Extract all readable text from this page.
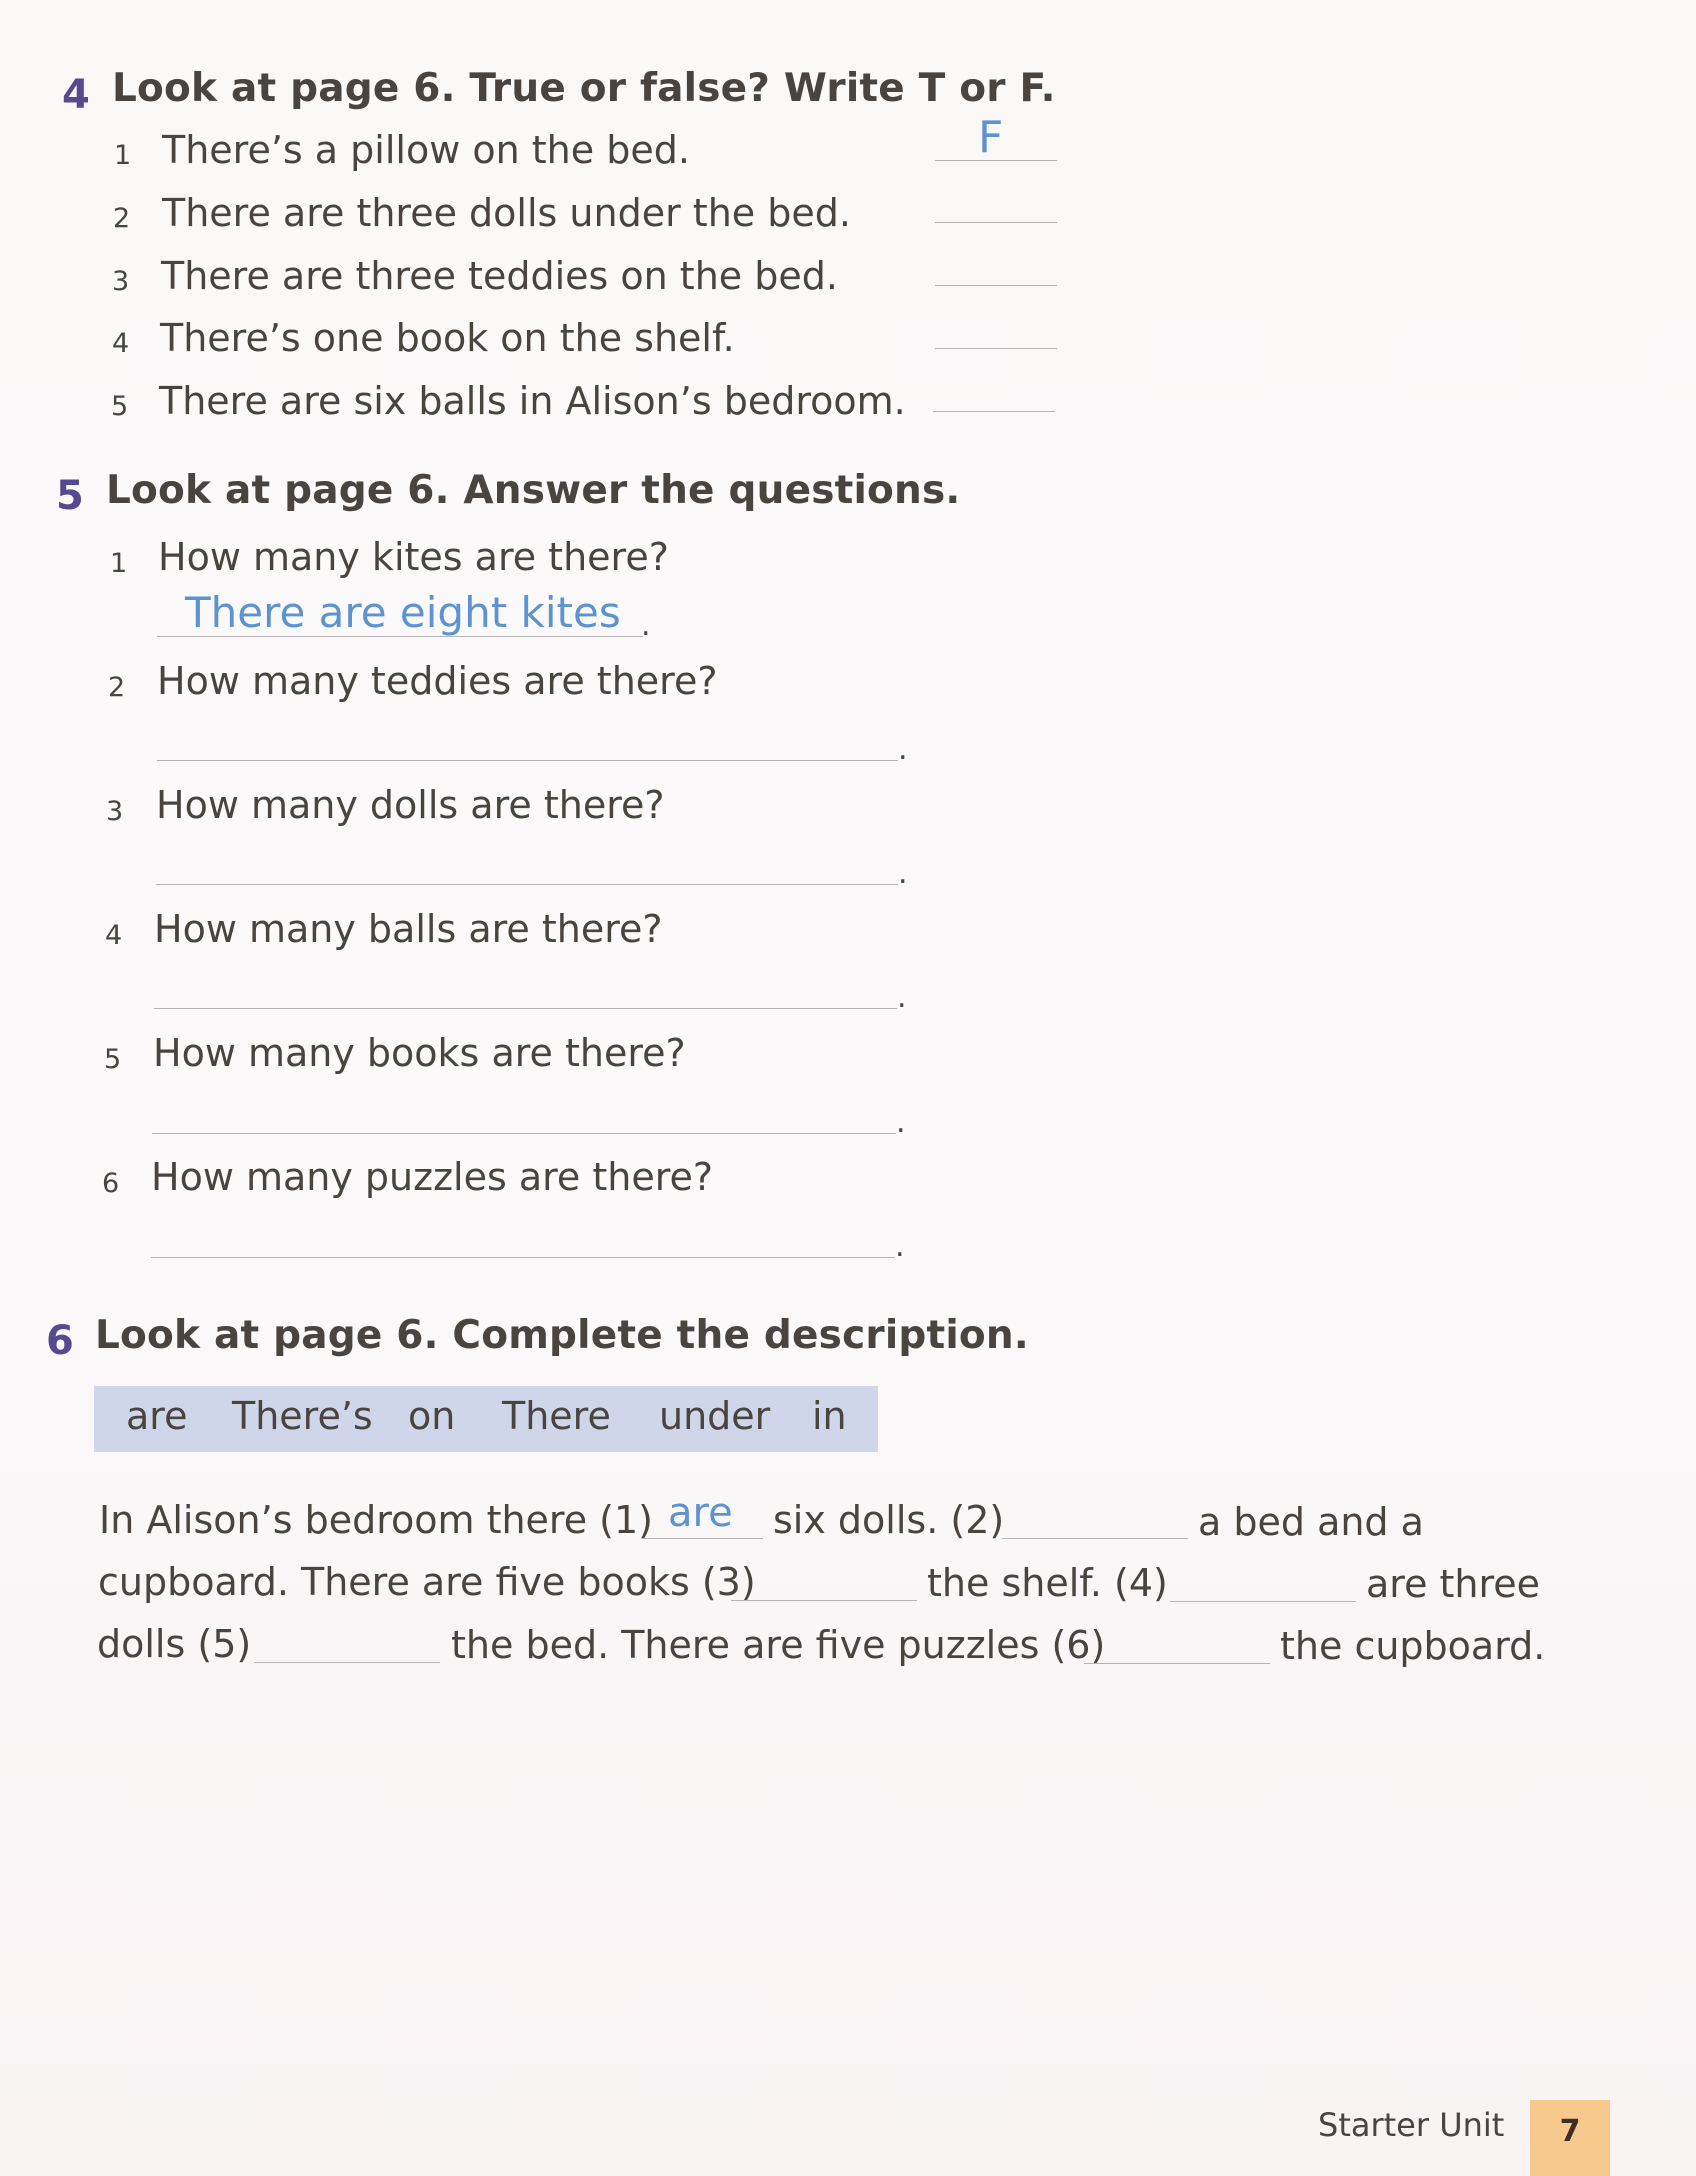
4 Look at page 6. True or false? Write T or F.
1 There’s a pillow on the bed.	F
2 There are three dolls under the bed.
3 There are three teddies on the bed.
4 There’s one book on the shelf.
5 There are six balls in Alison’s bedroom.
5 Look at page 6. Answer the questions.
1 How many kites are there?
There are eight kites .
2 How many teddies are there?
.
3 How many dolls are there?
.
4 How many balls are there?
.
5 How many books are there?
.
6 How many puzzles are there?
.
6 Look at page 6. Complete the description.
are There’s on There under in
In Alison’s bedroom there (1) are six dolls. (2)	a bed and a
cupboard. There are five books (3)	the shelf. (4)	are three
dolls (5)	the bed. There are five puzzles (6)	the cupboard.
Starter Unit	7
